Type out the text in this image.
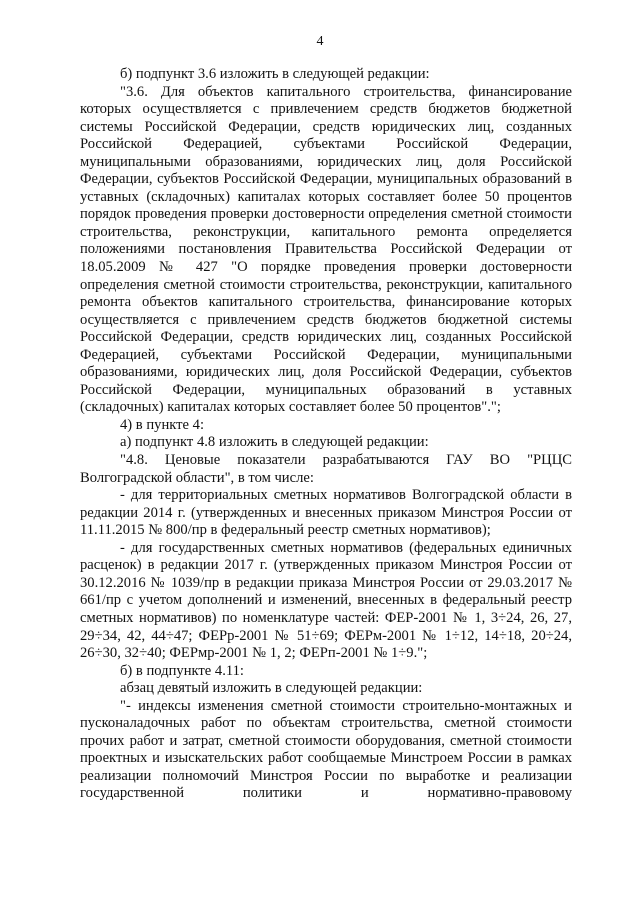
4

б) подпункт 3.6 изложить в следующей редакции:

"3.6. Для объектов капитального строительства, финансирование которых осуществляется с привлечением средств бюджетов бюджетной системы Российской Федерации, средств юридических лиц, созданных Российской Федерацией, субъектами Российской Федерации, муниципальными образованиями, юридических лиц, доля Российской Федерации, субъектов Российской Федерации, муниципальных образований в уставных (складочных) капиталах которых составляет более 50 процентов порядок проведения проверки достоверности определения сметной стоимости строительства, реконструкции, капитального ремонта определяется положениями постановления Правительства Российской Федерации от 18.05.2009 № 427 "О порядке проведения проверки достоверности определения сметной стоимости строительства, реконструкции, капитального ремонта объектов капитального строительства, финансирование которых осуществляется с привлечением средств бюджетов бюджетной системы Российской Федерации, средств юридических лиц, созданных Российской Федерацией, субъектами Российской Федерации, муниципальными образованиями, юридических лиц, доля Российской Федерации, субъектов Российской Федерации, муниципальных образований в уставных (складочных) капиталах которых составляет более 50 процентов".";

4) в пункте 4:

а) подпункт 4.8 изложить в следующей редакции:

"4.8. Ценовые показатели разрабатываются ГАУ ВО "РЦЦС Волгоградской области", в том числе:

- для территориальных сметных нормативов Волгоградской области в редакции 2014 г. (утвержденных и внесенных приказом Минстроя России от 11.11.2015 № 800/пр в федеральный реестр сметных нормативов);

- для государственных сметных нормативов (федеральных единичных расценок) в редакции 2017 г. (утвержденных приказом Минстроя России от 30.12.2016 № 1039/пр в редакции приказа Минстроя России от 29.03.2017 № 661/пр с учетом дополнений и изменений, внесенных в федеральный реестр сметных нормативов) по номенклатуре частей: ФЕР-2001 № 1, 3÷24, 26, 27, 29÷34, 42, 44÷47; ФЕРр-2001 № 51÷69; ФЕРм-2001 № 1÷12, 14÷18, 20÷24, 26÷30, 32÷40; ФЕРмр-2001 № 1, 2; ФЕРп-2001 № 1÷9.";

б) в подпункте 4.11:

абзац девятый изложить в следующей редакции:

"- индексы изменения сметной стоимости строительно-монтажных и пусконаладочных работ по объектам строительства, сметной стоимости прочих работ и затрат, сметной стоимости оборудования, сметной стоимости проектных и изыскательских работ сообщаемые Минстроем России в рамках реализации полномочий Минстроя России по выработке и реализации государственной политики и нормативно-правовому
